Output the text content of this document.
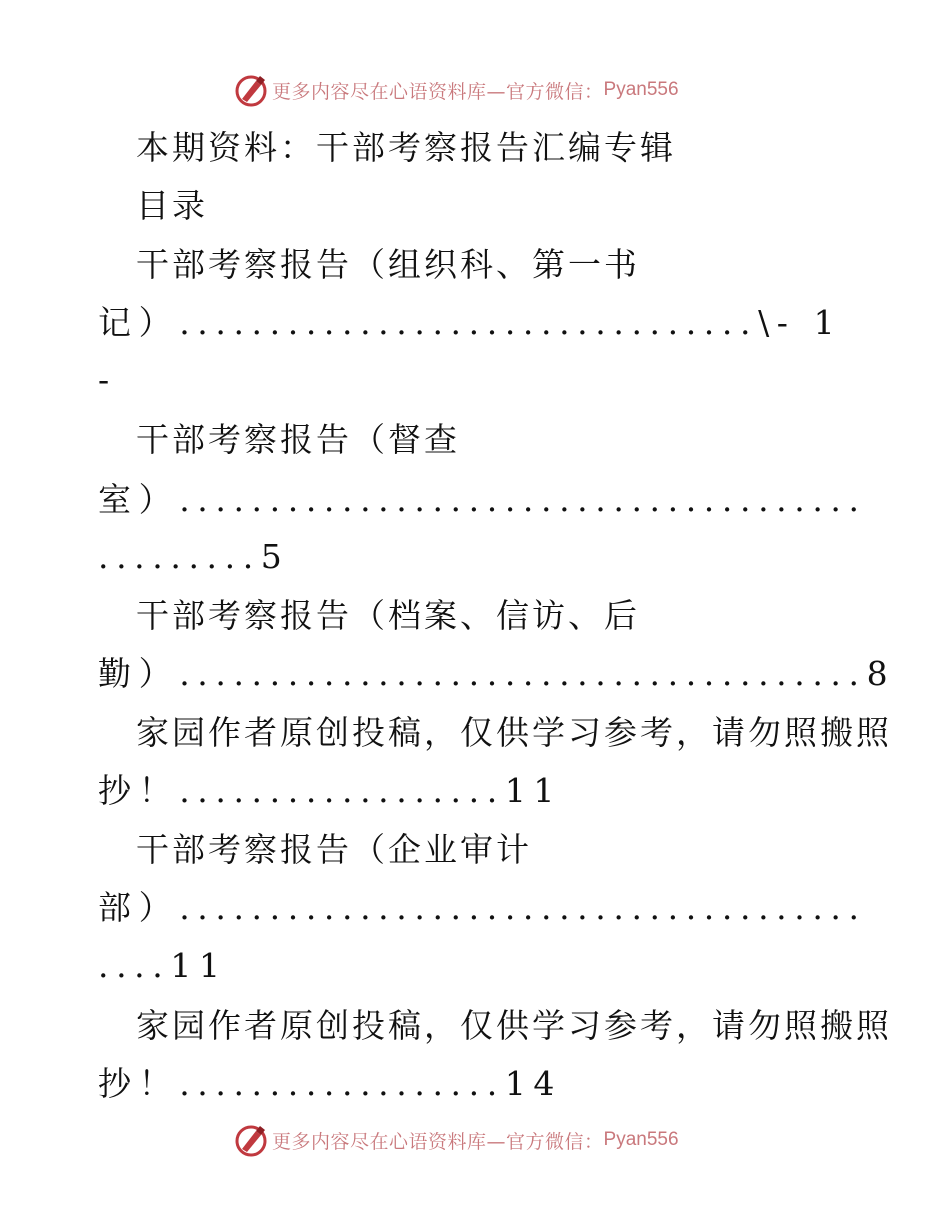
更多内容尽在心语资料库—官方微信： Pyan556
本期资料：干部考察报告汇编专辑
目录
干部考察报告（组织科、第一书
记）................................\- 1
-
干部考察报告（督查
室）......................................
.........5
干部考察报告（档案、信访、后
勤）......................................8
家园作者原创投稿，仅供学习参考，请勿照搬照
抄！..................11
干部考察报告（企业审计
部）......................................
....11
家园作者原创投稿，仅供学习参考，请勿照搬照
抄！..................14
更多内容尽在心语资料库—官方微信： Pyan556
